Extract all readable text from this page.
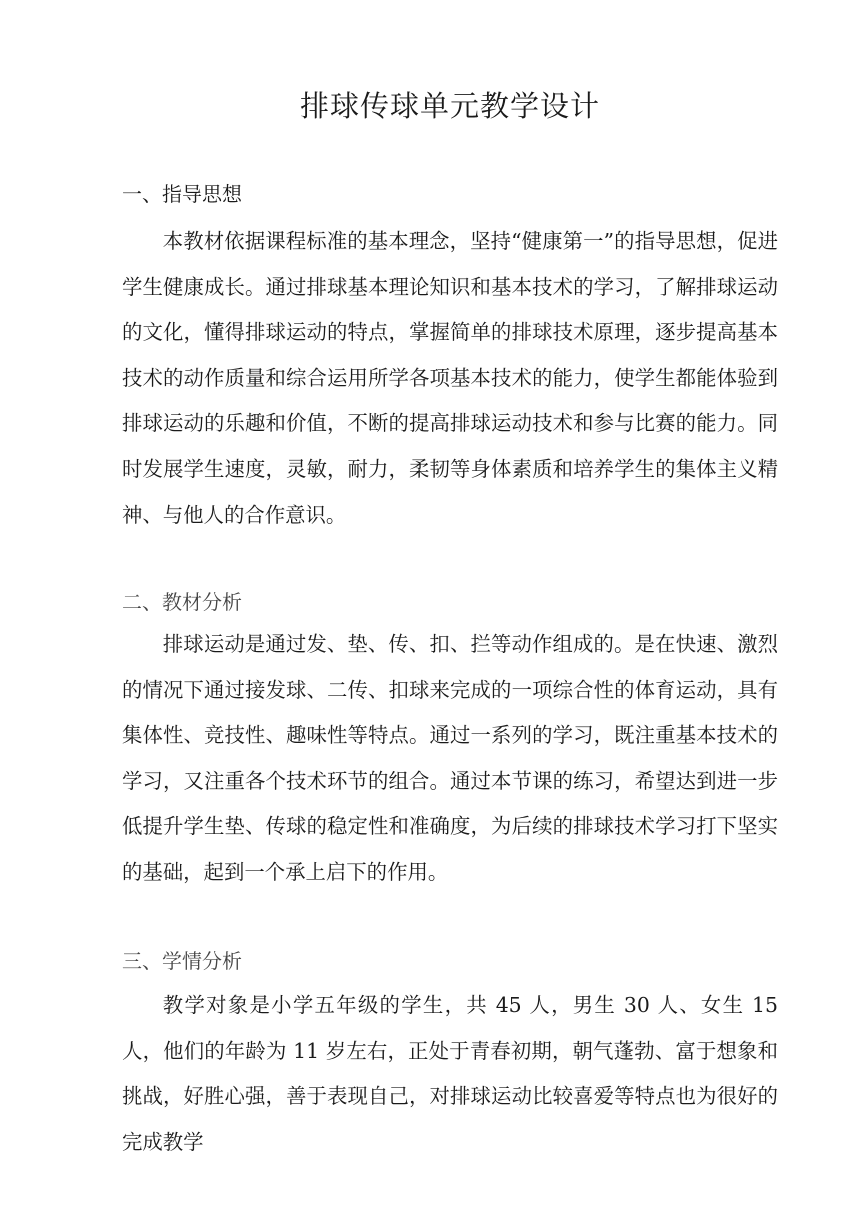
排球传球单元教学设计
一、指导思想

本教材依据课程标准的基本理念，坚持“健康第一”的指导思想，促进学生健康成长。通过排球基本理论知识和基本技术的学习，了解排球运动的文化，懂得排球运动的特点，掌握简单的排球技术原理，逐步提高基本技术的动作质量和综合运用所学各项基本技术的能力，使学生都能体验到排球运动的乐趣和价值，不断的提高排球运动技术和参与比赛的能力。同时发展学生速度，灵敏，耐力，柔韧等身体素质和培养学生的集体主义精神、与他人的合作意识。

二、教材分析

排球运动是通过发、垫、传、扣、拦等动作组成的。是在快速、激烈的情况下通过接发球、二传、扣球来完成的一项综合性的体育运动，具有集体性、竞技性、趣味性等特点。通过一系列的学习，既注重基本技术的学习，又注重各个技术环节的组合。通过本节课的练习，希望达到进一步低提升学生垫、传球的稳定性和准确度，为后续的排球技术学习打下坚实的基础，起到一个承上启下的作用。

三、学情分析

教学对象是小学五年级的学生，共 45 人，男生 30 人、女生 15 人，他们的年龄为 11 岁左右，正处于青春初期，朝气蓬勃、富于想象和挑战，好胜心强，善于表现自己，对排球运动比较喜爱等特点也为很好的完成教学
